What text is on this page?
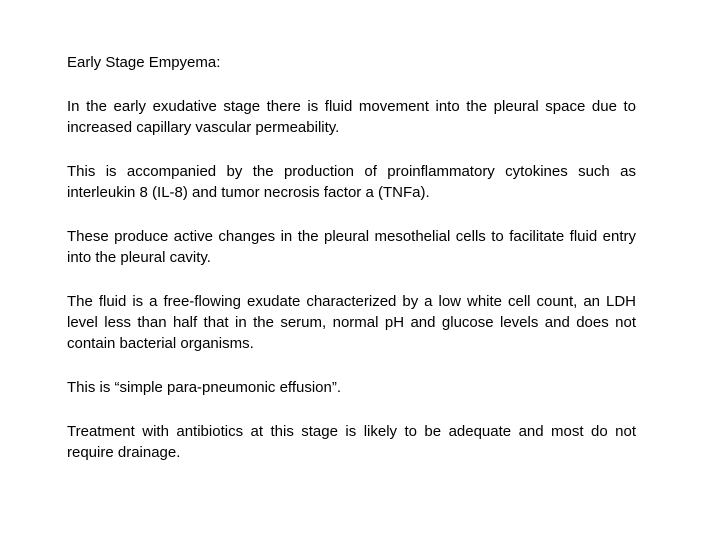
Early Stage Empyema:

In the early exudative stage there is fluid movement into the pleural space due to increased capillary vascular permeability.

This is accompanied by the production of proinflammatory cytokines such as interleukin 8 (IL-8) and tumor necrosis factor a (TNFa).

These produce active changes in the pleural mesothelial cells to facilitate fluid entry into the pleural cavity.

The fluid is a free-flowing exudate characterized by a low white cell count, an LDH level less than half that in the serum, normal pH and glucose levels and does not contain bacterial organisms.

This is “simple para-pneumonic effusion”.

Treatment with antibiotics at this stage is likely to be adequate and most do not require drainage.
